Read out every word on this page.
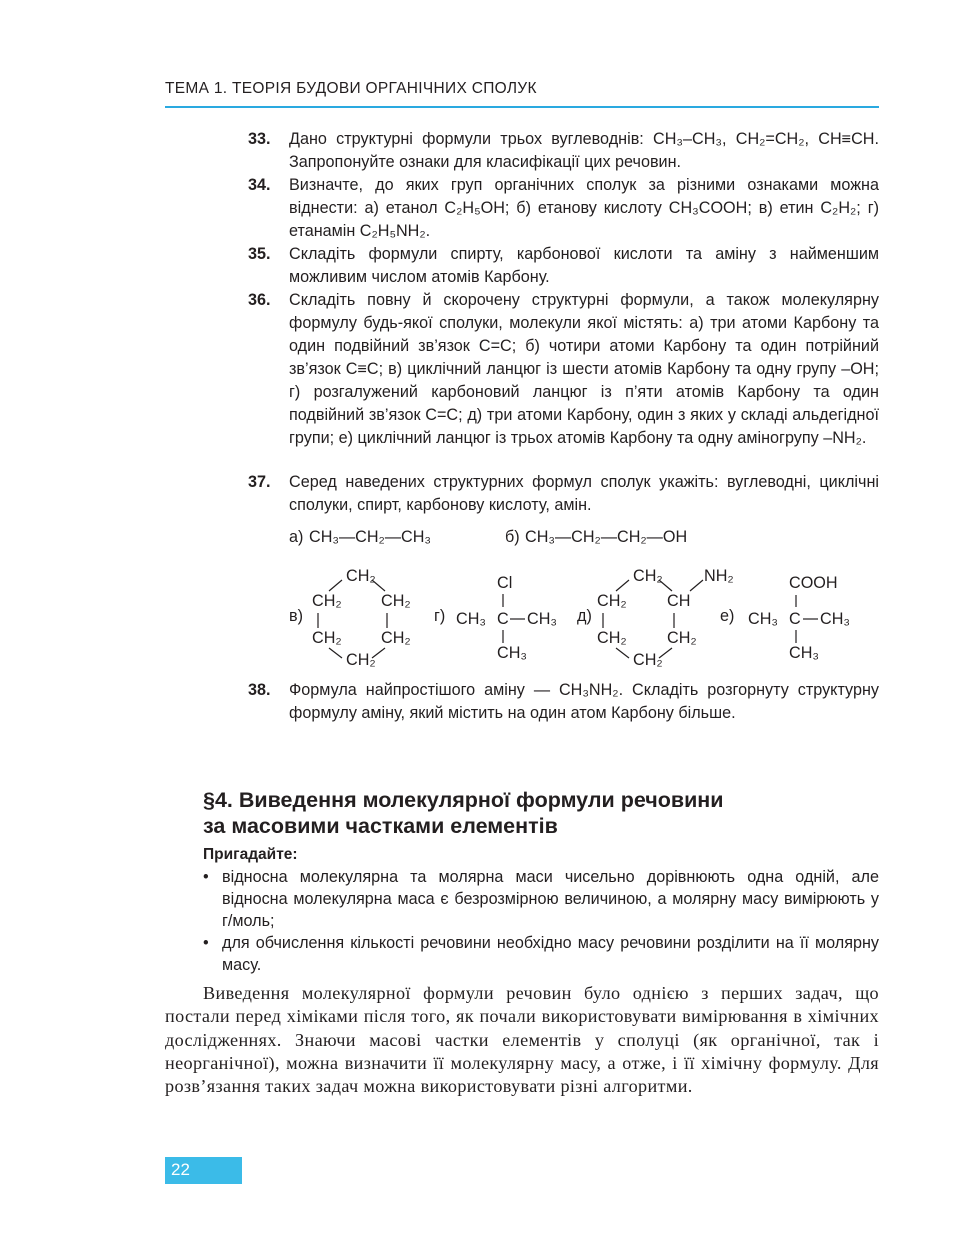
ТЕМА 1. ТЕОРІЯ БУДОВИ ОРГАНІЧНИХ СПОЛУК
33. Дано структурні формули трьох вуглеводнів: CH₃–CH₃, CH₂=CH₂, CH≡CH. Запропонуйте ознаки для класифікації цих речовин.
34. Визначте, до яких груп органічних сполук за різними ознаками можна віднести: а) етанол C₂H₅OH; б) етанову кислоту CH₃COOH; в) етин C₂H₂; г) етанамін C₂H₅NH₂.
35. Складіть формули спирту, карбонової кислоти та аміну з найменшим можливим числом атомів Карбону.
36. Складіть повну й скорочену структурні формули, а також молекулярну формулу будь-якої сполуки, молекули якої містять: а) три атоми Карбону та один подвійний зв’язок C=C; б) чотири атоми Карбону та один потрійний зв’язок C≡C; в) циклічний ланцюг із шести атомів Карбону та одну групу –OH; г) розгалужений карбоновий ланцюг із п’яти атомів Карбону та один подвійний зв’язок C=C; д) три атоми Карбону, один з яких у складі альдегідної групи; е) циклічний ланцюг із трьох атомів Карбону та одну аміногрупу –NH₂.
37. Серед наведених структурних формул сполук укажіть: вуглеводні, циклічні сполуки, спирт, карбонову кислоту, амін.
а) CH₃—CH₂—CH₃	б) CH₃—CH₂—CH₂—OH
в)
CH₂
CH₂ CH₂
CH₂ CH₂
CH₂
г)
Cl
CH₃ C CH₃
CH₃
д)
CH₂	NH₂
CH₂ CH
CH₂ CH₂
CH₂
е)
COOH
CH₃ C CH₃
CH₃
38. Формула найпростішого аміну — CH₃NH₂. Складіть розгорнуту структурну формулу аміну, який містить на один атом Карбону більше.
§4. Виведення молекулярної формули речовини
за масовими частками елементів
Пригадайте:
• відносна молекулярна та молярна маси чисельно дорівнюють одна одній, але відносна молекулярна маса є безрозмірною величиною, а молярну масу вимірюють у г/моль;
• для обчислення кількості речовини необхідно масу речовини розділити на її молярну масу.
Виведення молекулярної формули речовин було однією з перших задач, що постали перед хіміками після того, як почали використовувати вимірювання в хімічних дослідженнях. Знаючи масові частки елементів у сполуці (як органічної, так і неорганічної), можна визначити її молекулярну масу, а отже, і її хімічну формулу. Для розв’язання таких задач можна використовувати різні алгоритми.
22
